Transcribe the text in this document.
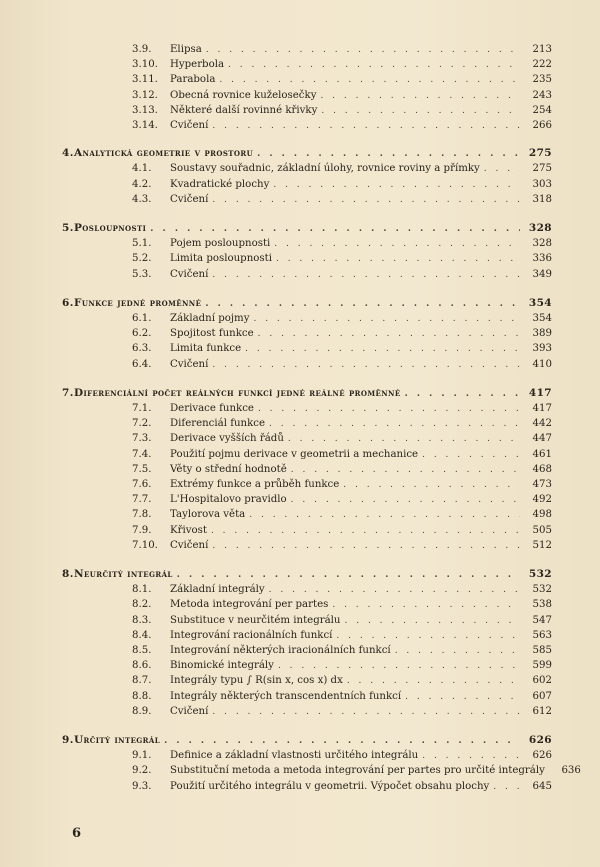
3.9.	Elipsa . . .	213
3.10.	Hyperbola . . .	222
3.11.	Parabola . . .	235
3.12.	Obecná rovnice kuželosečky . . .	243
3.13.	Některé další rovinné křivky . . .	254
3.14.	Cvičení . . .	266
4. Analytická geometrie v prostoru . . .	275
4.1.	Soustavy souřadnic, základní úlohy, rovnice roviny a přímky . . .	275
4.2.	Kvadratické plochy . . .	303
4.3.	Cvičení . . .	318
5. Posloupnosti . . .	328
5.1.	Pojem posloupnosti . . .	328
5.2.	Limita posloupnosti . . .	336
5.3.	Cvičení . . .	349
6. Funkce jedné proměnné . . .	354
6.1.	Základní pojmy . . .	354
6.2.	Spojitost funkce . . .	389
6.3.	Limita funkce . . .	393
6.4.	Cvičení . . .	410
7. Diferenciální počet reálných funkcí jedné reálné proměnné . . .	417
7.1.	Derivace funkce . . .	417
7.2.	Diferenciál funkce . . .	442
7.3.	Derivace vyšších řádů . . .	447
7.4.	Použití pojmu derivace v geometrii a mechanice . . .	461
7.5.	Věty o střední hodnotě . . .	468
7.6.	Extrémy funkce a průběh funkce . . .	473
7.7.	L'Hospitalovo pravidlo . . .	492
7.8.	Taylorova věta . . .	498
7.9.	Křivost . . .	505
7.10.	Cvičení . . .	512
8. Neurčitý integrál . . .	532
8.1.	Základní integrály . . .	532
8.2.	Metoda integrování per partes . . .	538
8.3.	Substituce v neurčitém integrálu . . .	547
8.4.	Integrování racionálních funkcí . . .	563
8.5.	Integrování některých iracionálních funkcí . . .	585
8.6.	Binomické integrály . . .	599
8.7.	Integrály typu ∫ R(sin x, cos x) dx . . .	602
8.8.	Integrály některých transcendentních funkcí . . .	607
8.9.	Cvičení . . .	612
9. Určitý integrál . . .	626
9.1.	Definice a základní vlastnosti určitého integrálu . . .	626
9.2.	Substituční metoda a metoda integrování per partes pro určité integrály	636
9.3.	Použití určitého integrálu v geometrii. Výpočet obsahu plochy . . .	645
6
